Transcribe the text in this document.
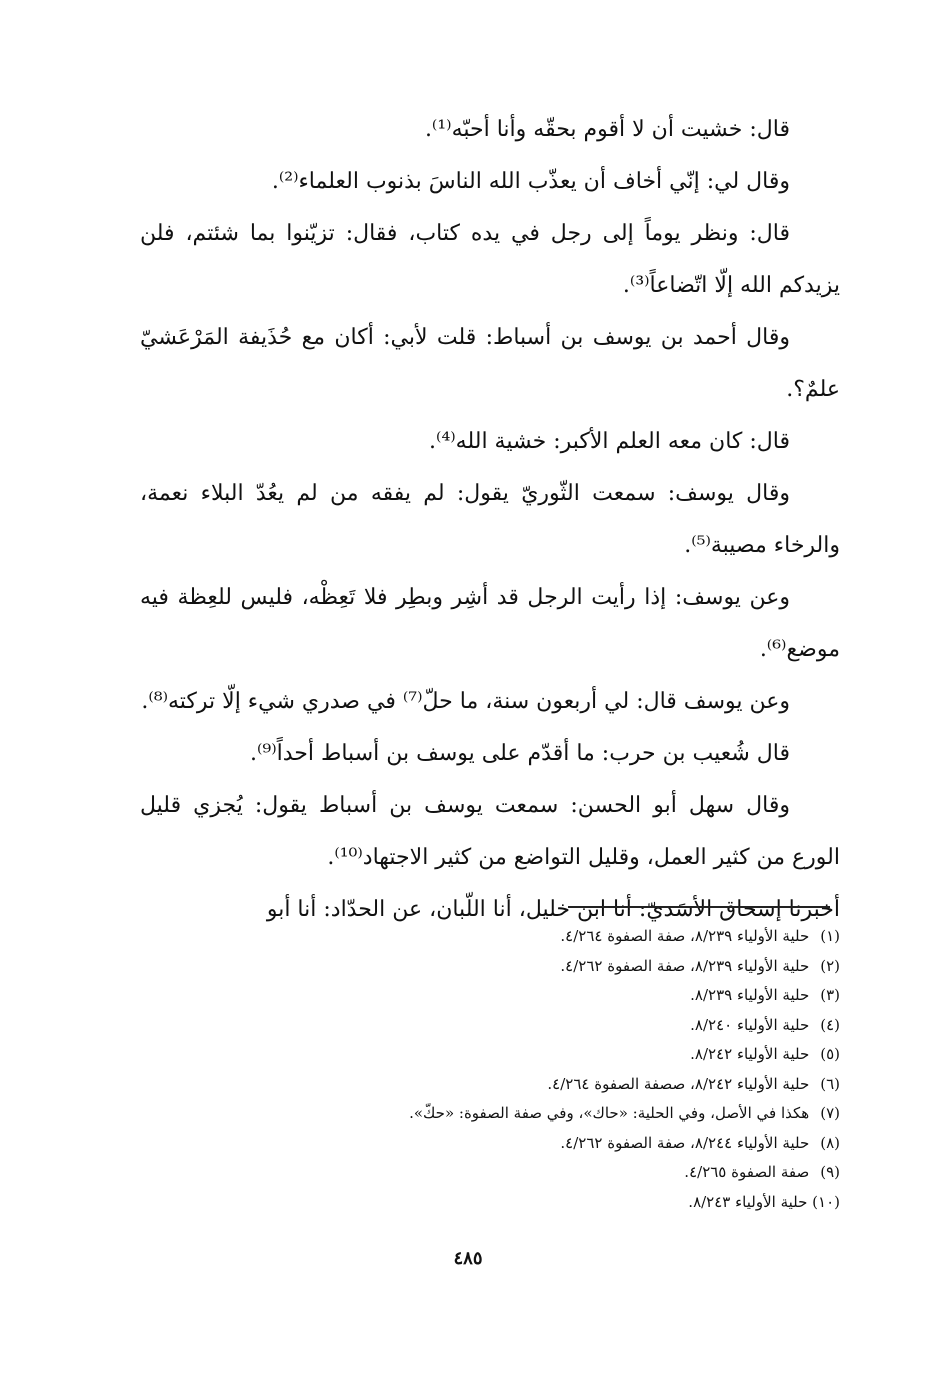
قال: خشيت أن لا أقوم بحقّه وأنا أحبّه⁽¹⁾.

وقال لي: إنّي أخاف أن يعذّب الله الناسَ بذنوب العلماء⁽²⁾.

قال: ونظر يوماً إلى رجل في يده كتاب، فقال: تزيّنوا بما شئتم، فلن يزيدكم الله إلّا اتّضاعاً⁽³⁾.

وقال أحمد بن يوسف بن أسباط: قلت لأبي: أكان مع حُذَيفة المَرْعَشيّ علمٌ؟.

قال: كان معه العلم الأكبر: خشية الله⁽⁴⁾.

وقال يوسف: سمعت الثّوريّ يقول: لم يفقه من لم يعُدّ البلاء نعمة، والرخاء مصيبة⁽⁵⁾.

وعن يوسف: إذا رأيت الرجل قد أشِر وبطِر فلا تَعِظْه، فليس للعِظة فيه موضع⁽⁶⁾.

وعن يوسف قال: لي أربعون سنة، ما حلّ⁽⁷⁾ في صدري شيء إلّا تركته⁽⁸⁾.

قال شُعيب بن حرب: ما أقدّم على يوسف بن أسباط أحداً⁽⁹⁾.

وقال سهل أبو الحسن: سمعت يوسف بن أسباط يقول: يُجزي قليل الورع من كثير العمل، وقليل التواضع من كثير الاجتهاد⁽¹⁰⁾.

أخبرنا إسحاق الأسَديّ: أنا ابن خليل، أنا اللّبان، عن الحدّاد: أنا أبو

(١) حلية الأولياء ٨/٢٣٩، صفة الصفوة ٤/٢٦٤.
(٢) حلية الأولياء ٨/٢٣٩، صفة الصفوة ٤/٢٦٢.
(٣) حلية الأولياء ٨/٢٣٩.
(٤) حلية الأولياء ٨/٢٤٠.
(٥) حلية الأولياء ٨/٢٤٢.
(٦) حلية الأولياء ٨/٢٤٢، صصفة الصفوة ٤/٢٦٤.
(٧) هكذا في الأصل، وفي الحلية: «حاك»، وفي صفة الصفوة: «حكّ».
(٨) حلية الأولياء ٨/٢٤٤، صفة الصفوة ٤/٢٦٢.
(٩) صفة الصفوة ٤/٢٦٥.
(١٠) حلية الأولياء ٨/٢٤٣.
٤٨٥
